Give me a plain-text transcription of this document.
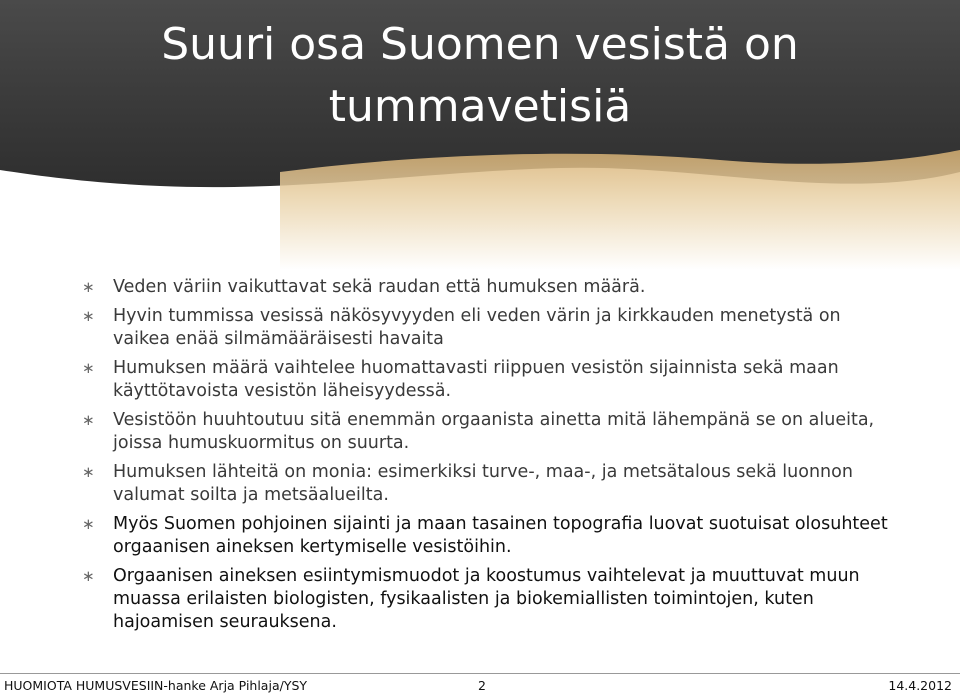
Suuri osa Suomen vesistä on
tummavetisiä
∗ Veden väriin vaikuttavat sekä raudan että humuksen määrä.
∗ Hyvin tummissa vesissä näkösyvyyden eli veden värin ja kirkkauden menetystä on vaikea enää silmämääräisesti havaita
∗ Humuksen määrä vaihtelee huomattavasti riippuen vesistön sijainnista sekä maan käyttötavoista vesistön läheisyydessä.
∗ Vesistöön huuhtoutuu sitä enemmän orgaanista ainetta mitä lähempänä se on alueita, joissa humuskuormitus on suurta.
∗ Humuksen lähteitä on monia: esimerkiksi turve-, maa-, ja metsätalous sekä luonnon valumat soilta ja metsäalueilta.
∗ Myös Suomen pohjoinen sijainti ja maan tasainen topografia luovat suotuisat olosuhteet orgaanisen aineksen kertymiselle vesistöihin.
∗ Orgaanisen aineksen esiintymismuodot ja koostumus vaihtelevat ja muuttuvat muun muassa erilaisten biologisten, fysikaalisten ja biokemiallisten toimintojen, kuten hajoamisen seurauksena.
HUOMIOTA HUMUSVESIIN-hanke Arja Pihlaja/YSY	2	14.4.2012
